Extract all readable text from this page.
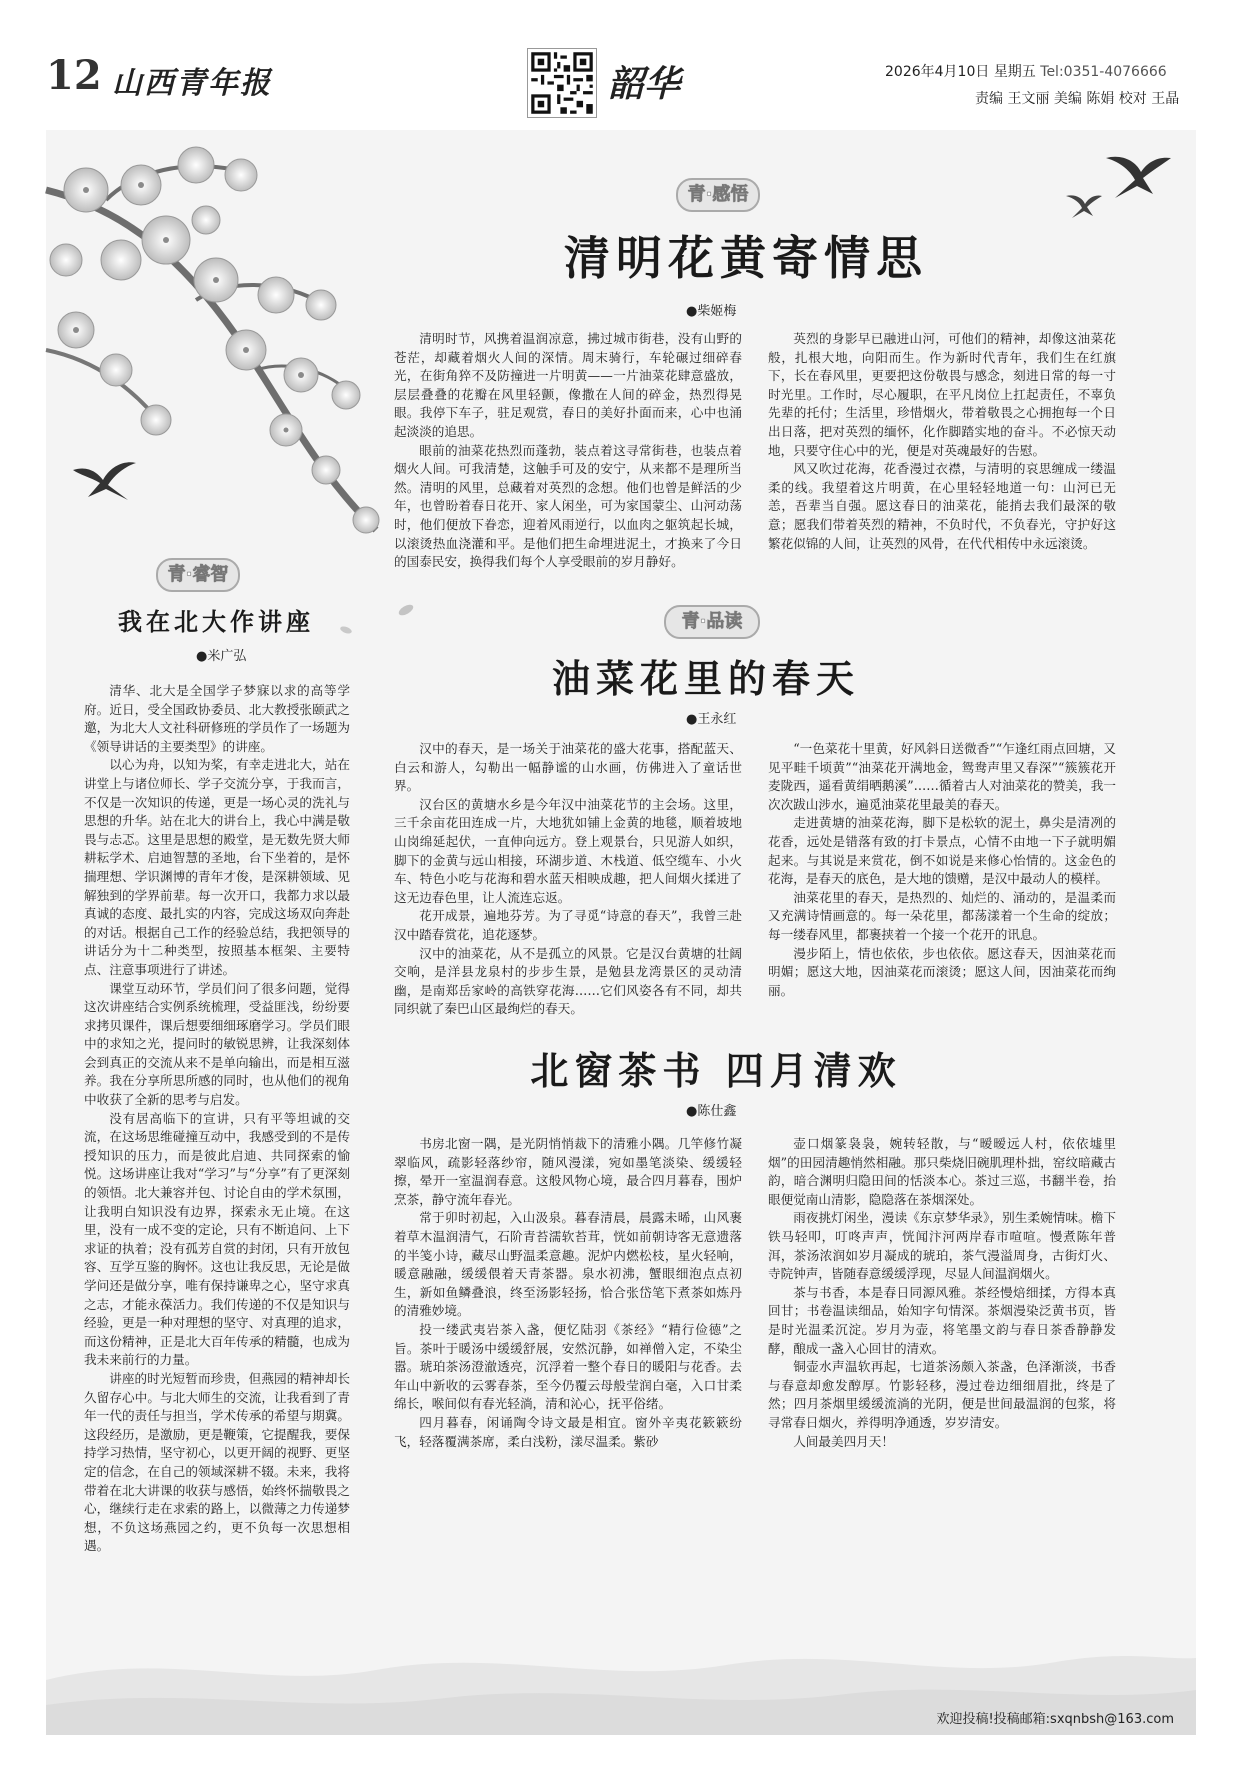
12 山西青年报	韶华	2026年4月10日 星期五 Tel:0351-4076666
责编 王文丽 美编 陈娟 校对 王晶
青·感悟
清明花黄寄情思
●柴姬梅

清明时节，风携着温润凉意，拂过城市街巷，没有山野的苍茫，却藏着烟火人间的深情。周末骑行，车轮碾过细碎春光，在街角猝不及防撞进一片明黄——一片油菜花肆意盛放，层层叠叠的花瓣在风里轻颤，像撒在人间的碎金，热烈得晃眼。我停下车子，驻足观赏，春日的美好扑面而来，心中也涌起淡淡的追思。

眼前的油菜花热烈而蓬勃，装点着这寻常街巷，也装点着烟火人间。可我清楚，这触手可及的安宁，从来都不是理所当然。清明的风里，总藏着对英烈的念想。他们也曾是鲜活的少年，也曾盼着春日花开、家人闲坐，可为家国蒙尘、山河动荡时，他们便放下眷恋，迎着风雨逆行，以血肉之躯筑起长城，以滚烫热血浇灌和平。是他们把生命埋进泥土，才换来了今日的国泰民安，换得我们每个人享受眼前的岁月静好。

英烈的身影早已融进山河，可他们的精神，却像这油菜花般，扎根大地，向阳而生。作为新时代青年，我们生在红旗下，长在春风里，更要把这份敬畏与感念，刻进日常的每一寸时光里。工作时，尽心履职，在平凡岗位上扛起责任，不辜负先辈的托付；生活里，珍惜烟火，带着敬畏之心拥抱每一个日出日落，把对英烈的缅怀，化作脚踏实地的奋斗。不必惊天动地，只要守住心中的光，便是对英魂最好的告慰。

风又吹过花海，花香漫过衣襟，与清明的哀思缠成一缕温柔的线。我望着这片明黄，在心里轻轻地道一句：山河已无恙，吾辈当自强。愿这春日的油菜花，能捎去我们最深的敬意；愿我们带着英烈的精神，不负时代，不负春光，守护好这繁花似锦的人间，让英烈的风骨，在代代相传中永远滚烫。

青·睿智
我在北大作讲座
●米广弘

清华、北大是全国学子梦寐以求的高等学府。近日，受全国政协委员、北大教授张颐武之邀，为北大人文社科研修班的学员作了一场题为《领导讲话的主要类型》的讲座。

以心为舟，以知为桨，有幸走进北大，站在讲堂上与诸位师长、学子交流分享，于我而言，不仅是一次知识的传递，更是一场心灵的洗礼与思想的升华。站在北大的讲台上，我心中满是敬畏与忐忑。这里是思想的殿堂，是无数先贤大师耕耘学术、启迪智慧的圣地，台下坐着的，是怀揣理想、学识渊博的青年才俊，是深耕领域、见解独到的学界前辈。每一次开口，我都力求以最真诚的态度、最扎实的内容，完成这场双向奔赴的对话。根据自己工作的经验总结，我把领导的讲话分为十二种类型，按照基本框架、主要特点、注意事项进行了讲述。

课堂互动环节，学员们问了很多问题，觉得这次讲座结合实例系统梳理，受益匪浅，纷纷要求拷贝课件，课后想要细细琢磨学习。学员们眼中的求知之光，提问时的敏锐思辨，让我深刻体会到真正的交流从来不是单向输出，而是相互滋养。我在分享所思所感的同时，也从他们的视角中收获了全新的思考与启发。

没有居高临下的宣讲，只有平等坦诚的交流，在这场思维碰撞互动中，我感受到的不是传授知识的压力，而是彼此启迪、共同探索的愉悦。这场讲座让我对“学习”与“分享”有了更深刻的领悟。北大兼容并包、讨论自由的学术氛围，让我明白知识没有边界，探索永无止境。在这里，没有一成不变的定论，只有不断追问、上下求证的执着；没有孤芳自赏的封闭，只有开放包容、互学互鉴的胸怀。这也让我反思，无论是做学问还是做分享，唯有保持谦卑之心，坚守求真之志，才能永葆活力。我们传递的不仅是知识与经验，更是一种对理想的坚守、对真理的追求，而这份精神，正是北大百年传承的精髓，也成为我未来前行的力量。

讲座的时光短暂而珍贵，但燕园的精神却长久留存心中。与北大师生的交流，让我看到了青年一代的责任与担当，学术传承的希望与期冀。这段经历，是激励，更是鞭策，它提醒我，要保持学习热情，坚守初心，以更开阔的视野、更坚定的信念，在自己的领域深耕不辍。未来，我将带着在北大讲课的收获与感悟，始终怀揣敬畏之心，继续行走在求索的路上，以微薄之力传递梦想，不负这场燕园之约，更不负每一次思想相遇。

青·品读
油菜花里的春天
●王永红

汉中的春天，是一场关于油菜花的盛大花事，搭配蓝天、白云和游人，勾勒出一幅静谧的山水画，仿佛进入了童话世界。

汉台区的黄塘水乡是今年汉中油菜花节的主会场。这里，三千余亩花田连成一片，大地犹如铺上金黄的地毯，顺着坡地山岗绵延起伏，一直伸向远方。登上观景台，只见游人如织，脚下的金黄与远山相接，环湖步道、木栈道、低空缆车、小火车、特色小吃与花海和碧水蓝天相映成趣，把人间烟火揉进了这无边春色里，让人流连忘返。

花开成景，遍地芬芳。为了寻觅“诗意的春天”，我曾三赴汉中踏春赏花，追花逐梦。

汉中的油菜花，从不是孤立的风景。它是汉台黄塘的壮阔交响，是洋县龙泉村的步步生景，是勉县龙湾景区的灵动清幽，是南郑岳家岭的高铁穿花海……它们风姿各有不同，却共同织就了秦巴山区最绚烂的春天。

“一色菜花十里黄，好风斜日送微香”“乍逢红雨点回塘，又见平畦千顷黄”“油菜花开满地金，鸳鸯声里又春深”“簇簇花开麦陇西，遥看黄绢晒鹅溪”……循着古人对油菜花的赞美，我一次次跋山涉水，遍觅油菜花里最美的春天。

走进黄塘的油菜花海，脚下是松软的泥土，鼻尖是清冽的花香，远处是错落有致的打卡景点，心情不由地一下子就明媚起来。与其说是来赏花，倒不如说是来修心怡情的。这金色的花海，是春天的底色，是大地的馈赠，是汉中最动人的模样。

油菜花里的春天，是热烈的、灿烂的、涌动的，是温柔而又充满诗情画意的。每一朵花里，都荡漾着一个生命的绽放；每一缕春风里，都裹挟着一个接一个花开的讯息。

漫步陌上，情也依依，步也依依。愿这春天，因油菜花而明媚；愿这大地，因油菜花而滚烫；愿这人间，因油菜花而绚丽。

北窗茶书 四月清欢
●陈仕鑫

书房北窗一隅，是光阴悄悄裁下的清雅小隅。几竿修竹凝翠临风，疏影轻落纱帘，随风漫漾，宛如墨笔淡染、缓缓轻擦，晕开一室温润春意。这般风物心境，最合四月暮春，围炉烹茶，静守流年春光。

常于卯时初起，入山汲泉。暮春清晨，晨露未晞，山风裹着草木温润清气，石阶青苔濡软苔茸，恍如前朝诗客无意遗落的半笺小诗，藏尽山野温柔意趣。泥炉内燃松枝，星火轻响，暖意融融，缓缓偎着天青茶器。泉水初沸，蟹眼细泡点点初生，新如鱼鳞叠浪，终至汤影轻扬，恰合张岱笔下煮茶如炼丹的清雅妙境。

投一缕武夷岩茶入盏，便忆陆羽《茶经》“精行俭德”之旨。茶叶于暖汤中缓缓舒展，安然沉静，如禅僧入定，不染尘嚣。琥珀茶汤澄澈透亮，沉浮着一整个春日的暖阳与花香。去年山中新收的云雾春茶，至今仍覆云母般莹润白毫，入口甘柔绵长，喉间似有春光轻淌，清和沁心，抚平俗绪。

四月暮春，闲诵陶令诗文最是相宜。窗外辛夷花簌簌纷飞，轻落覆满茶席，柔白浅粉，漾尽温柔。紫砂

壶口烟篆袅袅，婉转轻散，与“暧暧远人村，依依墟里烟”的田园清趣悄然相融。那只柴烧旧碗肌理朴拙，窑纹暗藏古韵，暗合渊明归隐田间的恬淡本心。茶过三巡，书翻半卷，抬眼便觉南山清影，隐隐落在茶烟深处。

雨夜挑灯闲坐，漫读《东京梦华录》，别生柔婉情味。檐下铁马轻叩，叮咚声声，恍闻汴河两岸春市喧喧。慢煮陈年普洱，茶汤浓润如岁月凝成的琥珀，茶气漫溢周身，古街灯火、寺院钟声，皆随春意缓缓浮现，尽显人间温润烟火。

茶与书香，本是春日同源风雅。茶经慢焙细揉，方得本真回甘；书卷温读细品，始知字句情深。茶烟漫染泛黄书页，皆是时光温柔沉淀。岁月为壶，将笔墨文韵与春日茶香静静发酵，酿成一盏入心回甘的清欢。

铜壶水声温软再起，七道茶汤颇入茶盏，色泽渐淡，书香与春意却愈发醇厚。竹影轻移，漫过卷边细细眉批，终是了然；四月茶烟里缓缓流淌的光阴，便是世间最温润的包浆，将寻常春日烟火，养得明净通透，岁岁清安。

人间最美四月天！

欢迎投稿!投稿邮箱:sxqnbsh@163.com
